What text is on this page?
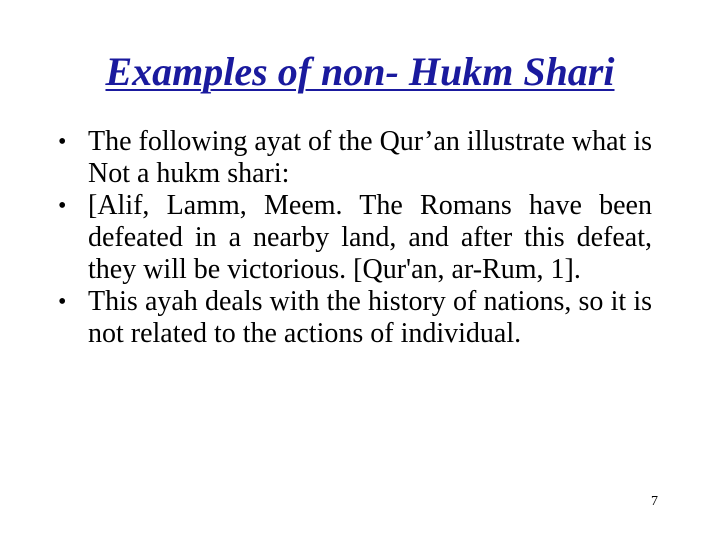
Examples of non- Hukm Shari
• The following ayat of the Qur’an illustrate what is Not a hukm shari:
• [Alif, Lamm, Meem. The Romans have been defeated in a nearby land, and after this defeat, they will be victorious. [Qur'an, ar-Rum, 1].
• This ayah deals with the history of nations, so it is not related to the actions of individual.
7
